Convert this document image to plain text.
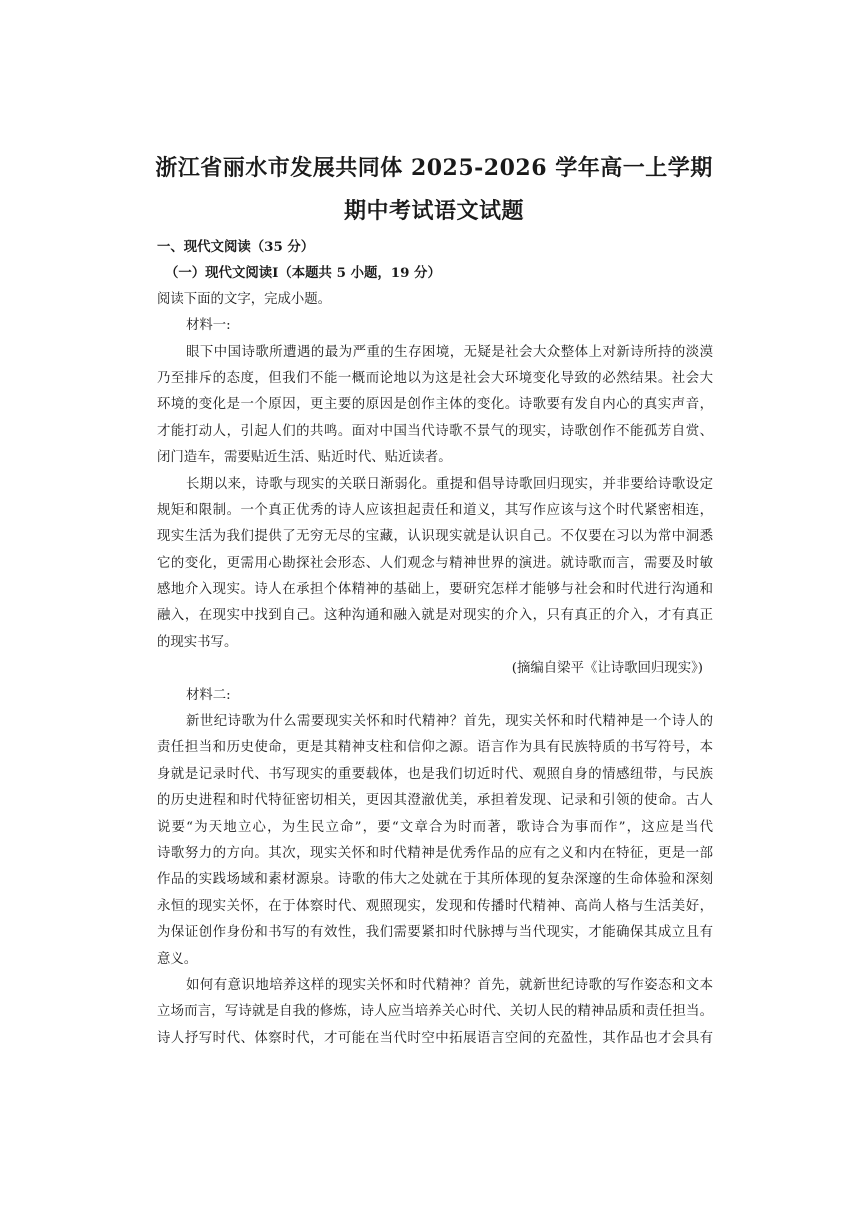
浙江省丽水市发展共同体 2025-2026 学年高一上学期
期中考试语文试题
一、现代文阅读（35 分）
（一）现代文阅读Ⅰ（本题共 5 小题，19 分）
阅读下面的文字，完成小题。
材料一:
眼下中国诗歌所遭遇的最为严重的生存困境，无疑是社会大众整体上对新诗所持的淡漠
乃至排斥的态度，但我们不能一概而论地以为这是社会大环境变化导致的必然结果。社会大
环境的变化是一个原因，更主要的原因是创作主体的变化。诗歌要有发自内心的真实声音，
才能打动人，引起人们的共鸣。面对中国当代诗歌不景气的现实，诗歌创作不能孤芳自赏、
闭门造车，需要贴近生活、贴近时代、贴近读者。
长期以来，诗歌与现实的关联日渐弱化。重提和倡导诗歌回归现实，并非要给诗歌设定
规矩和限制。一个真正优秀的诗人应该担起责任和道义，其写作应该与这个时代紧密相连，
现实生活为我们提供了无穷无尽的宝藏，认识现实就是认识自己。不仅要在习以为常中洞悉
它的变化，更需用心勘探社会形态、人们观念与精神世界的演进。就诗歌而言，需要及时敏
感地介入现实。诗人在承担个体精神的基础上，要研究怎样才能够与社会和时代进行沟通和
融入，在现实中找到自己。这种沟通和融入就是对现实的介入，只有真正的介入，才有真正
的现实书写。
(摘编自梁平《让诗歌回归现实》)
材料二:
新世纪诗歌为什么需要现实关怀和时代精神？首先，现实关怀和时代精神是一个诗人的
责任担当和历史使命，更是其精神支柱和信仰之源。语言作为具有民族特质的书写符号，本
身就是记录时代、书写现实的重要载体，也是我们切近时代、观照自身的情感纽带，与民族
的历史进程和时代特征密切相关，更因其澄澈优美，承担着发现、记录和引领的使命。古人
说要“为天地立心，为生民立命”，要“文章合为时而著，歌诗合为事而作”，这应是当代
诗歌努力的方向。其次，现实关怀和时代精神是优秀作品的应有之义和内在特征，更是一部
作品的实践场域和素材源泉。诗歌的伟大之处就在于其所体现的复杂深邃的生命体验和深刻
永恒的现实关怀，在于体察时代、观照现实，发现和传播时代精神、高尚人格与生活美好，
为保证创作身份和书写的有效性，我们需要紧扣时代脉搏与当代现实，才能确保其成立且有
意义。
如何有意识地培养这样的现实关怀和时代精神？首先，就新世纪诗歌的写作姿态和文本
立场而言，写诗就是自我的修炼，诗人应当培养关心时代、关切人民的精神品质和责任担当。
诗人抒写时代、体察时代，才可能在当代时空中拓展语言空间的充盈性，其作品也才会具有
